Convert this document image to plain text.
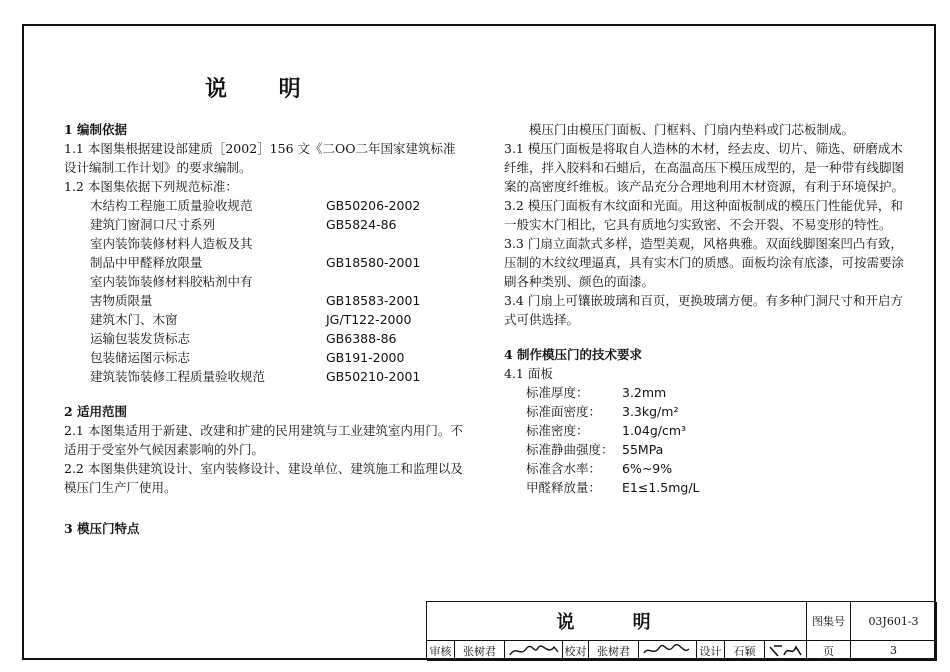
说 明
1 编制依据

1.1 本图集根据建设部建质［2002］156 文《二OO二年国家建筑标准设计编制工作计划》的要求编制。

1.2 本图集依据下列规范标准：

木结构工程施工质量验收规范	GB50206-2002
建筑门窗洞口尺寸系列	GB5824-86
室内装饰装修材料人造板及其
制品中甲醛释放限量	GB18580-2001
室内装饰装修材料胶粘剂中有
害物质限量	GB18583-2001
建筑木门、木窗	JG/T122-2000
运输包装发货标志	GB6388-86
包装储运图示标志	GB191-2000
建筑装饰装修工程质量验收规范	GB50210-2001
2 适用范围

2.1 本图集适用于新建、改建和扩建的民用建筑与工业建筑室内用门。不适用于受室外气候因素影响的外门。

2.2 本图集供建筑设计、室内装修设计、建设单位、建筑施工和监理以及模压门生产厂使用。

3 模压门特点

模压门由模压门面板、门框料、门扇内垫料或门芯板制成。

3.1 模压门面板是将取自人造林的木材，经去皮、切片、筛选、研磨成木纤维，拌入胶料和石蜡后，在高温高压下模压成型的，是一种带有线脚图案的高密度纤维板。该产品充分合理地利用木材资源，有利于环境保护。

3.2 模压门面板有木纹面和光面。用这种面板制成的模压门性能优异，和一般实木门相比，它具有质地匀实致密、不会开裂、不易变形的特性。

3.3 门扇立面款式多样，造型美观，风格典雅。双面线脚图案凹凸有致，压制的木纹纹理逼真，具有实木门的质感。面板均涂有底漆，可按需要涂刷各种类别、颜色的面漆。

3.4 门扇上可镶嵌玻璃和百页，更换玻璃方便。有多种门洞尺寸和开启方式可供选择。

4 制作模压门的技术要求

4.1 面板

标准厚度：	3.2mm
标准面密度：	3.3kg/m²
标准密度：	1.04g/cm³
标准静曲强度： 55MPa
标准含水率：	6%~9%
甲醛释放量：	E1≤1.5mg/L
说 明	图集号	03J601-3
审核	张树君	校对 张树君	设计	石颖	页	3
